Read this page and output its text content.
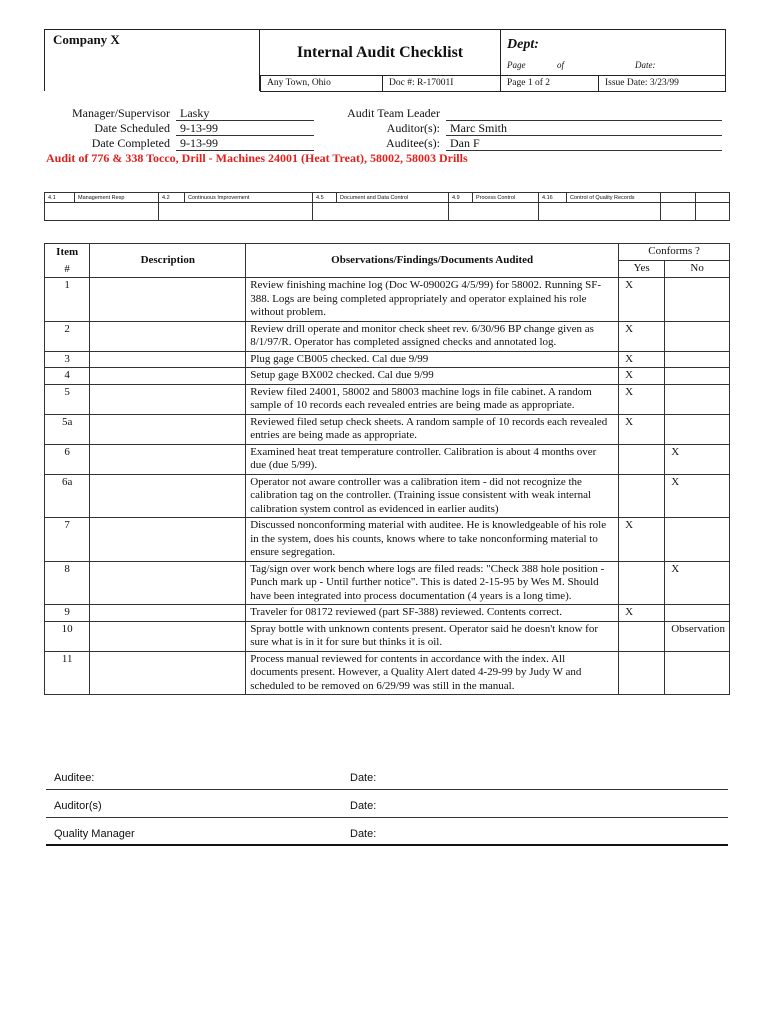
Company X
Internal Audit Checklist	Dept:
Page	of	Date:
Any Town, Ohio	Doc #: R-17001I	Page 1 of 2	Issue Date: 3/23/99
Manager/Supervisor Lasky
Date Scheduled 9-13-99
Date Completed 9-13-99
Audit Team Leader
Auditor(s): Marc Smith
Auditee(s): Dan F
Audit of 776 & 338 Tocco, Drill - Machines 24001 (Heat Treat), 58002, 58003 Drills
4.1	Management Resp	4.2	Continuous Improvement	4.5	Document and Data Control	4.9	Process Control	4.16	Control of Quality Records		

Item
#	Description	Observations/Findings/Documents Audited	Conforms ?	
			Yes	No
1		Review finishing machine log (Doc W-09002G 4/5/99) for 58002. Running SF-388. Logs are being completed appropriately and operator explained his role without problem.	X	
2		Review drill operate and monitor check sheet rev. 6/30/96 BP change given as 8/1/97/R. Operator has completed assigned checks and annotated log.	X	
3		Plug gage CB005 checked. Cal due 9/99	X	
4		Setup gage BX002 checked. Cal due 9/99	X	
5		Review filed 24001, 58002 and 58003 machine logs in file cabinet. A random sample of 10 records each revealed entries are being made as appropriate.	X	
5a		Reviewed filed setup check sheets. A random sample of 10 records each revealed entries are being made as appropriate.	X	
6		Examined heat treat temperature controller. Calibration is about 4 months over due (due 5/99).		X
6a		Operator not aware controller was a calibration item - did not recognize the calibration tag on the controller. (Training issue consistent with weak internal calibration system control as evidenced in earlier audits)		X
7		Discussed nonconforming material with auditee. He is knowledgeable of his role in the system, does his counts, knows where to take nonconforming material to ensure segregation.	X	
8		Tag/sign over work bench where logs are filed reads: "Check 388 hole position - Punch mark up - Until further notice". This is dated 2-15-95 by Wes M. Should have been integrated into process documentation (4 years is a long time).		X
9		Traveler for 08172 reviewed (part SF-388) reviewed. Contents correct.	X	
10		Spray bottle with unknown contents present. Operator said he doesn't know for sure what is in it for sure but thinks it is oil.		Observation
11		Process manual reviewed for contents in accordance with the index. All documents present. However, a Quality Alert dated 4-29-99 by Judy W and scheduled to be removed on 6/29/99 was still in the manual.		
Auditee:	Date:
Auditor(s)	Date:
Quality Manager	Date:
